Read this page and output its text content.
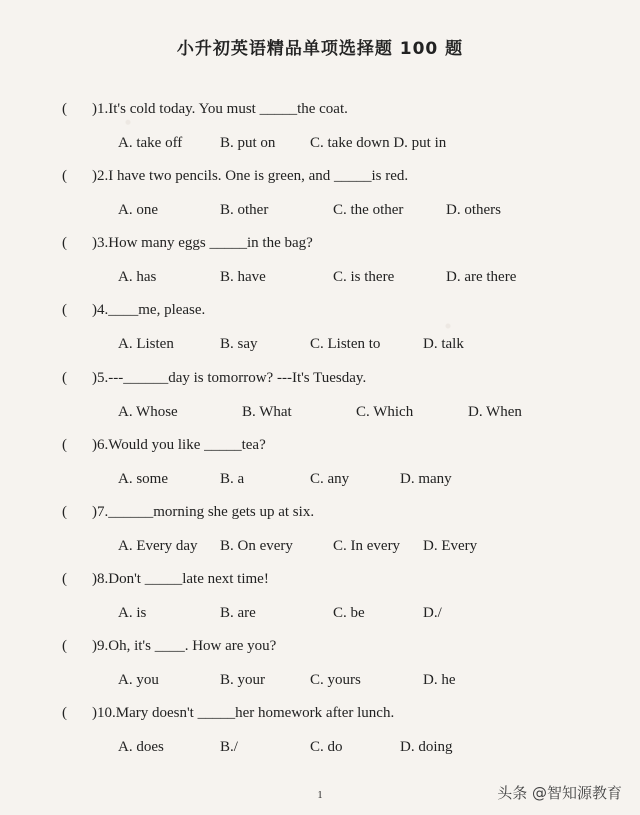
小升初英语精品单项选择题 100 题
( )1.It's cold today. You must _____the coat.
A. take off	B. put on C. take down D. put in
( )2.I have two pencils. One is green, and _____is red.
A. one	B. other	C. the other	D. others
( )3.How many eggs _____in the bag?
A. has	B. have	C. is there	D. are there
( )4.____me, please.
A. Listen	B. say	C. Listen to	D. talk
( )5.---______day is tomorrow? ---It's Tuesday.
A. Whose	B. What	C. Which	D. When
( )6.Would you like _____tea?
A. some	B. a	C. any	D. many
( )7.______morning she gets up at six.
A. Every day B. On every	C. In every D. Every
( )8.Don't _____late next time!
A. is	B. are	C. be	D./
( )9.Oh, it's ____. How are you?
A. you	B. your	C. yours	D. he
( )10.Mary doesn't _____her homework after lunch.
A. does	B./	C. do	D. doing
1	头条 @智知源教育
